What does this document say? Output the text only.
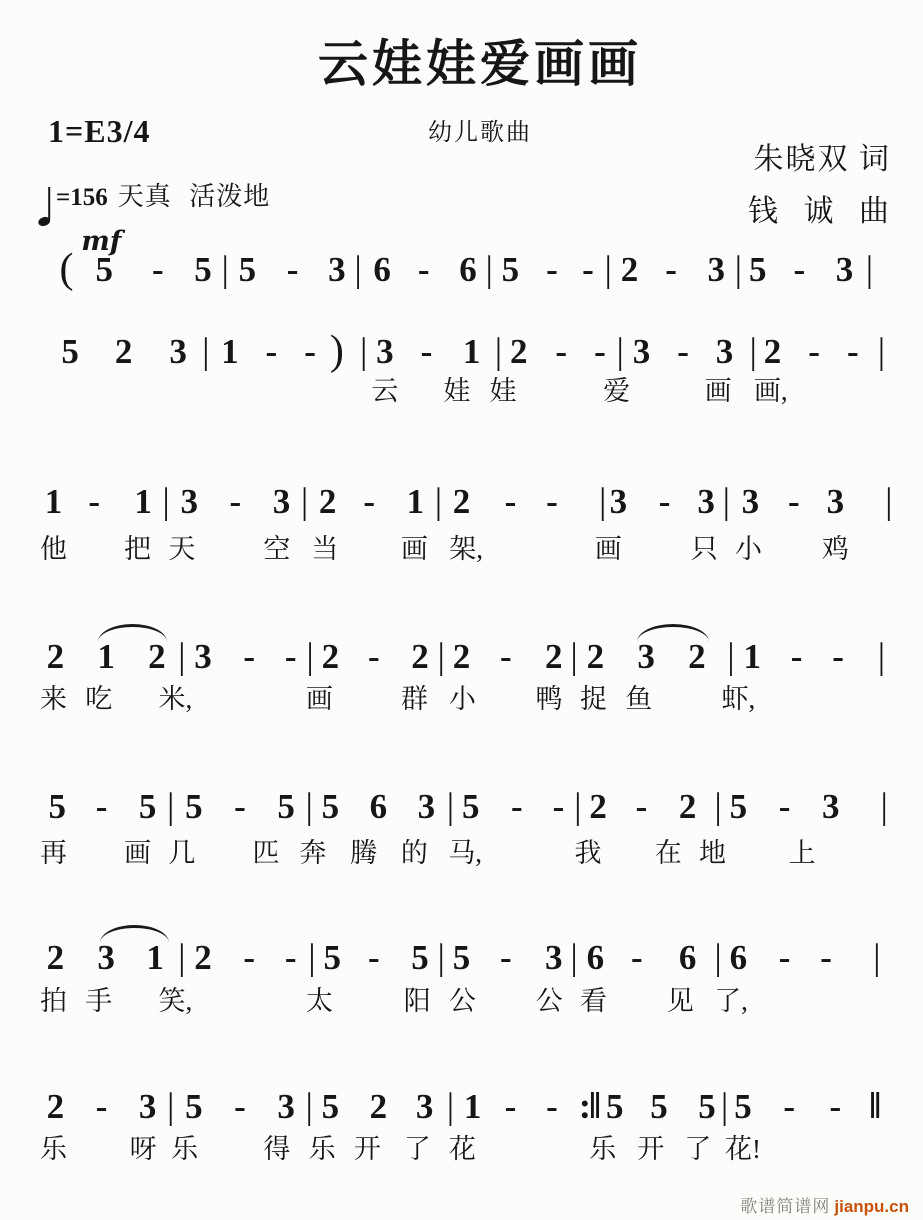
云娃娃爱画画
幼儿歌曲
1=E3/4
朱晓双 词
钱 诚 曲
=156 天真 活泼地
mf
( 5 - 5 | 5 - 3 | 6 - 6 | 5 - - | 2 - 3 | 5 - 3 |
5 2 3 | 1 - - ) | 3 - 1 | 2 - - | 3 - 3 | 2 - - |
云 娃 娃	爱	画 画,
1 - 1 | 3 - 3 | 2 - 1 | 2 - - | 3 - 3 | 3 - 3 |
他 把 天	空 当 画 架,	画	只 小 鸡
2 1 2 | 3 - - | 2 - 2 | 2 - 2 | 2 3 2 | 1 - - |
来 吃 米,	画	群 小 鸭 捉 鱼	虾,
5 - 5 | 5 - 5 | 5 6 3 | 5 - - | 2 - 2 | 5 - 3 |
再 画 几 匹 奔 腾 的 马,	我 在 地 上
2 3 1 | 2 - - | 5 - 5 | 5 - 3 | 6 - 6 | 6 - - |
拍 手 笑,	太	阳 公 公 看 见 了,
2 - 3 | 5 - 3 | 5 2 3 | 1 - - :‖ 5 5 5 | 5 - - ‖
乐 呀 乐 得 乐 开 了 花	乐 开 了 花!
歌谱简谱网 jianpu.cn
